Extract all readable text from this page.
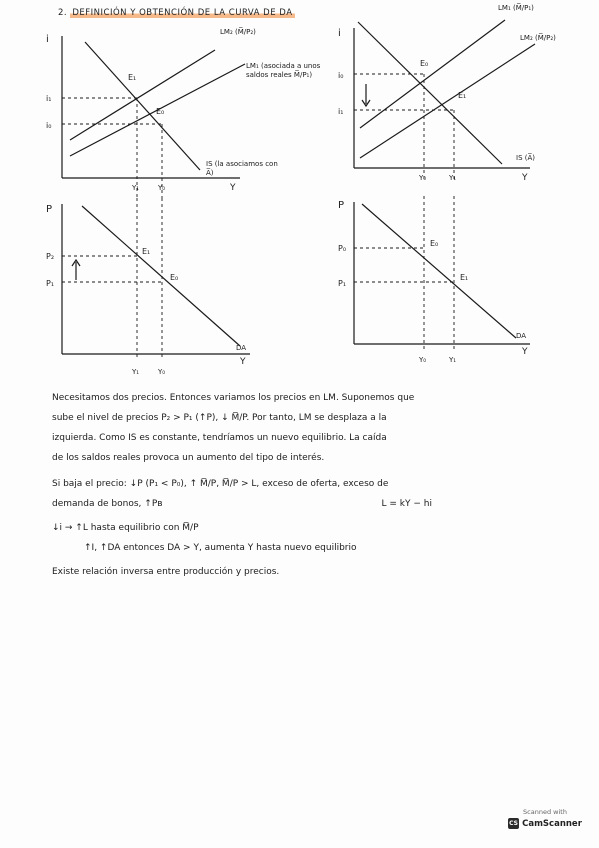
2. DEFINICIÓN Y OBTENCIÓN DE LA CURVA DE DA
i
Y
E₁
E₀
i₁
i₀
Y₁	Y₀
LM₂ (M̅/P₂)
LM₁ (asociada a unos saldos reales M̅/P₁)
IS (la asociamos con A̅)
P
Y
P₂
P₁
E₁
E₀
DA
Y₁	Y₀
i
Y
E₀
E₁
i₀
i₁
Y₀	Y₁
LM₁ (M̅/P₁)
LM₂ (M̅/P₂)
IS (A̅)
P
Y
P₀
P₁
E₀
E₁
DA
Y₀	Y₁

Necesitamos dos precios. Entonces variamos los precios en LM. Suponemos que

sube el nivel de precios P₂ > P₁ (↑P), ↓ M̅/P. Por tanto, LM se desplaza a la

izquierda. Como IS es constante, tendríamos un nuevo equilibrio. La caída

de los saldos reales provoca un aumento del tipo de interés.

Si baja el precio: ↓P (P₁ < P₀), ↑ M̅/P, M̅/P > L, exceso de oferta, exceso de

demanda de bonos, ↑Pʙ	L = kY − hi

↓i → ↑L hasta equilibrio con M̅/P

↑I, ↑DA entonces DA > Y, aumenta Y hasta nuevo equilibrio

Existe relación inversa entre producción y precios.

Scanned with
CS CamScanner
